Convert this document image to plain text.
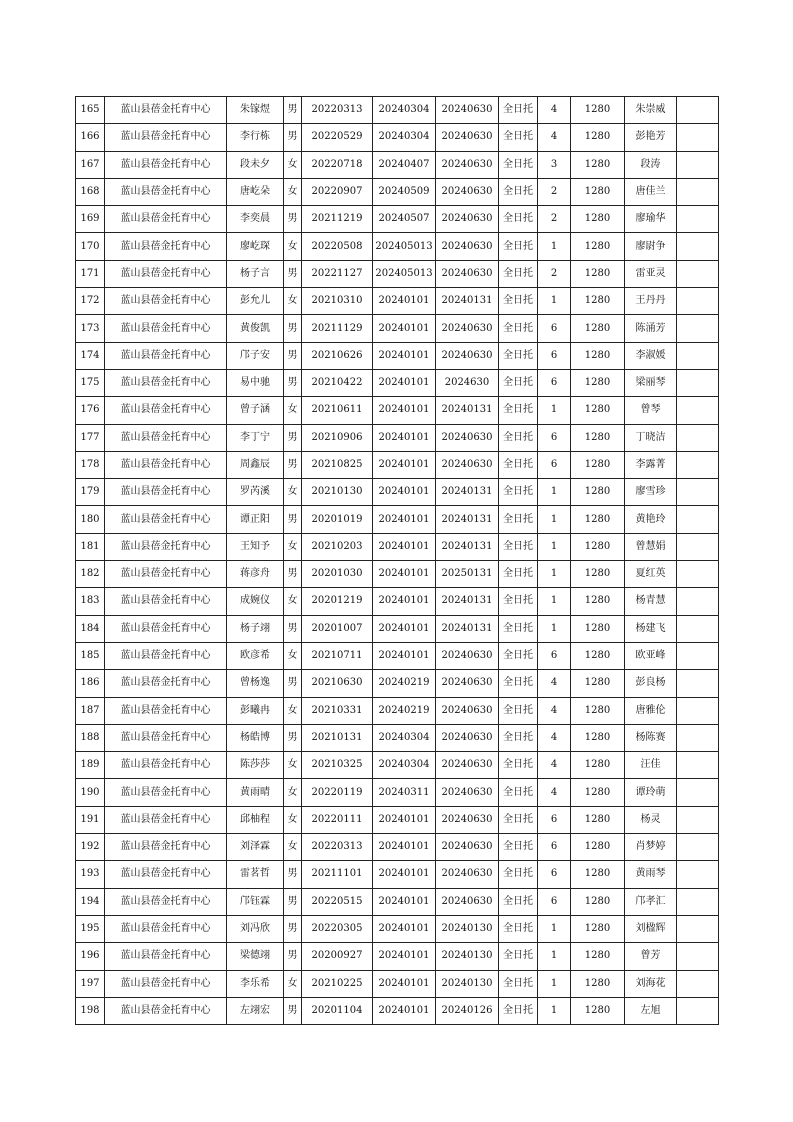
165	蓝山县蓓金托育中心	朱镓煜	男	20220313	20240304	20240630	全日托	4	1280	朱崇威	
166	蓝山县蓓金托育中心	李行栋	男	20220529	20240304	20240630	全日托	4	1280	彭艳芳	
167	蓝山县蓓金托育中心	段未夕	女	20220718	20240407	20240630	全日托	3	1280	段涛	
168	蓝山县蓓金托育中心	唐屹朵	女	20220907	20240509	20240630	全日托	2	1280	唐佳兰	
169	蓝山县蓓金托育中心	李奕晨	男	20211219	20240507	20240630	全日托	2	1280	廖瑜华	
170	蓝山县蓓金托育中心	廖屹琛	女	20220508	202405013	20240630	全日托	1	1280	廖尉争	
171	蓝山县蓓金托育中心	杨子言	男	20221127	202405013	20240630	全日托	2	1280	雷亚灵	
172	蓝山县蓓金托育中心	彭允儿	女	20210310	20240101	20240131	全日托	1	1280	王丹丹	
173	蓝山县蓓金托育中心	黄俊凯	男	20211129	20240101	20240630	全日托	6	1280	陈涌芳	
174	蓝山县蓓金托育中心	邝子安	男	20210626	20240101	20240630	全日托	6	1280	李淑媛	
175	蓝山县蓓金托育中心	易中驰	男	20210422	20240101	2024630	全日托	6	1280	梁丽琴	
176	蓝山县蓓金托育中心	曾子涵	女	20210611	20240101	20240131	全日托	1	1280	曾琴	
177	蓝山县蓓金托育中心	李丁宁	男	20210906	20240101	20240630	全日托	6	1280	丁晓洁	
178	蓝山县蓓金托育中心	周鑫辰	男	20210825	20240101	20240630	全日托	6	1280	李露菁	
179	蓝山县蓓金托育中心	罗芮溪	女	20210130	20240101	20240131	全日托	1	1280	廖雪珍	
180	蓝山县蓓金托育中心	谭正阳	男	20201019	20240101	20240131	全日托	1	1280	黄艳玲	
181	蓝山县蓓金托育中心	王知予	女	20210203	20240101	20240131	全日托	1	1280	曾慧娟	
182	蓝山县蓓金托育中心	蒋彦舟	男	20201030	20240101	20250131	全日托	1	1280	夏红英	
183	蓝山县蓓金托育中心	成婉仪	女	20201219	20240101	20240131	全日托	1	1280	杨青慧	
184	蓝山县蓓金托育中心	杨子翊	男	20201007	20240101	20240131	全日托	1	1280	杨建飞	
185	蓝山县蓓金托育中心	欧彦希	女	20210711	20240101	20240630	全日托	6	1280	欧亚峰	
186	蓝山县蓓金托育中心	曾杨逸	男	20210630	20240219	20240630	全日托	4	1280	彭良杨	
187	蓝山县蓓金托育中心	彭曦冉	女	20210331	20240219	20240630	全日托	4	1280	唐雅伦	
188	蓝山县蓓金托育中心	杨皓博	男	20210131	20240304	20240630	全日托	4	1280	杨陈赛	
189	蓝山县蓓金托育中心	陈莎莎	女	20210325	20240304	20240630	全日托	4	1280	汪佳	
190	蓝山县蓓金托育中心	黄雨晴	女	20220119	20240311	20240630	全日托	4	1280	谭玲萌	
191	蓝山县蓓金托育中心	邱柚程	女	20220111	20240101	20240630	全日托	6	1280	杨灵	
192	蓝山县蓓金托育中心	刘泽霖	女	20220313	20240101	20240630	全日托	6	1280	肖梦婷	
193	蓝山县蓓金托育中心	雷茗哲	男	20211101	20240101	20240630	全日托	6	1280	黄雨琴	
194	蓝山县蓓金托育中心	邝钰霖	男	20220515	20240101	20240630	全日托	6	1280	邝孝汇	
195	蓝山县蓓金托育中心	刘冯欣	男	20220305	20240101	20240130	全日托	1	1280	刘楹辉	
196	蓝山县蓓金托育中心	梁德翊	男	20200927	20240101	20240130	全日托	1	1280	曾芳	
197	蓝山县蓓金托育中心	李乐希	女	20210225	20240101	20240130	全日托	1	1280	刘海花	
198	蓝山县蓓金托育中心	左翊宏	男	20201104	20240101	20240126	全日托	1	1280	左旭	
